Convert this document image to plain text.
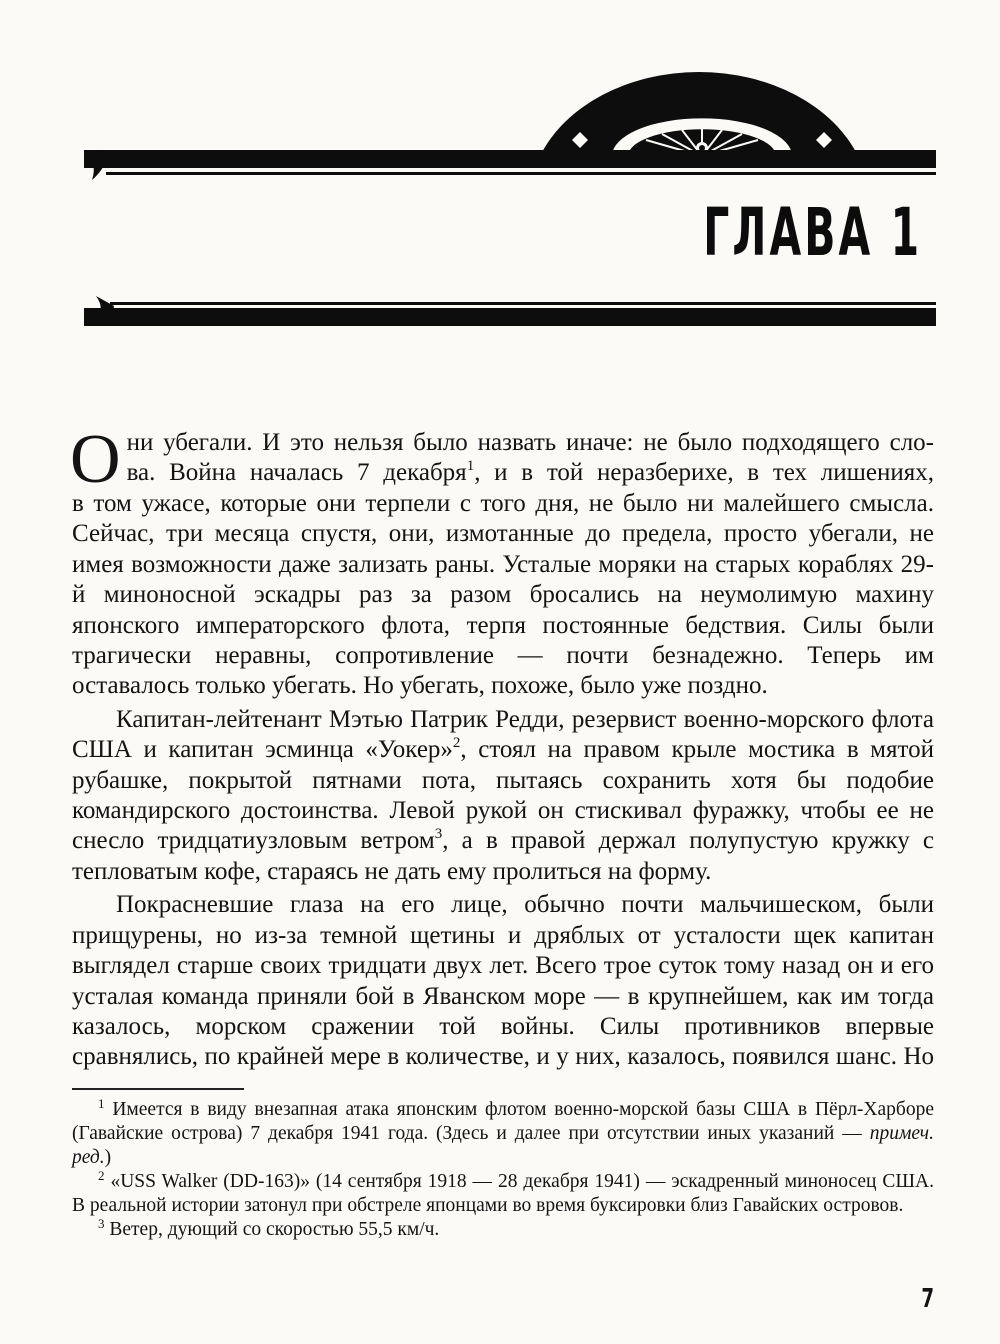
ГЛАВА 1

О ни убегали. И это нельзя было назвать иначе: не было подходящего сло-
ва. Война началась 7 декабря$^1$, и в той неразберихе, в тех лишениях,
в том ужасе, которые они терпели с того дня, не было ни малейшего смысла. Сейчас, три месяца спустя, они, измотанные до предела, просто убегали, не имея возможности даже зализать раны. Усталые моряки на старых кораблях 29-й миноносной эскадры раз за разом бросались на неумолимую махину японского императорского флота, терпя постоянные бедствия. Силы были трагически неравны, сопротивление — почти безнадежно. Теперь им оставалось только убегать. Но убегать, похоже, было уже поздно.

Капитан-лейтенант Мэтью Патрик Редди, резервист военно-морского флота США и капитан эсминца «Уокер»$^2$, стоял на правом крыле мостика в мятой рубашке, покрытой пятнами пота, пытаясь сохранить хотя бы подобие командирского достоинства. Левой рукой он стискивал фуражку, чтобы ее не снесло тридцатиузловым ветром$^3$, а в правой держал полупустую кружку с тепловатым кофе, стараясь не дать ему пролиться на форму.

Покрасневшие глаза на его лице, обычно почти мальчишеском, были прищурены, но из-за темной щетины и дряблых от усталости щек капитан выглядел старше своих тридцати двух лет. Всего трое суток тому назад он и его усталая команда приняли бой в Яванском море — в крупнейшем, как им тогда казалось, морском сражении той войны. Силы противников впервые сравнялись, по крайней мере в количестве, и у них, казалось, появился шанс. Но

$^1$ Имеется в виду внезапная атака японским флотом военно-морской базы США в Пёрл-Харборе (Гавайские острова) 7 декабря 1941 года. (Здесь и далее при отсутствии иных указаний — примеч. ред.)

$^2$ «USS Walker (DD-163)» (14 сентября 1918 — 28 декабря 1941) — эскадренный миноносец США. В реальной истории затонул при обстреле японцами во время буксировки близ Гавайских островов.

$^3$ Ветер, дующий со скоростью 55,5 км/ч.

7
